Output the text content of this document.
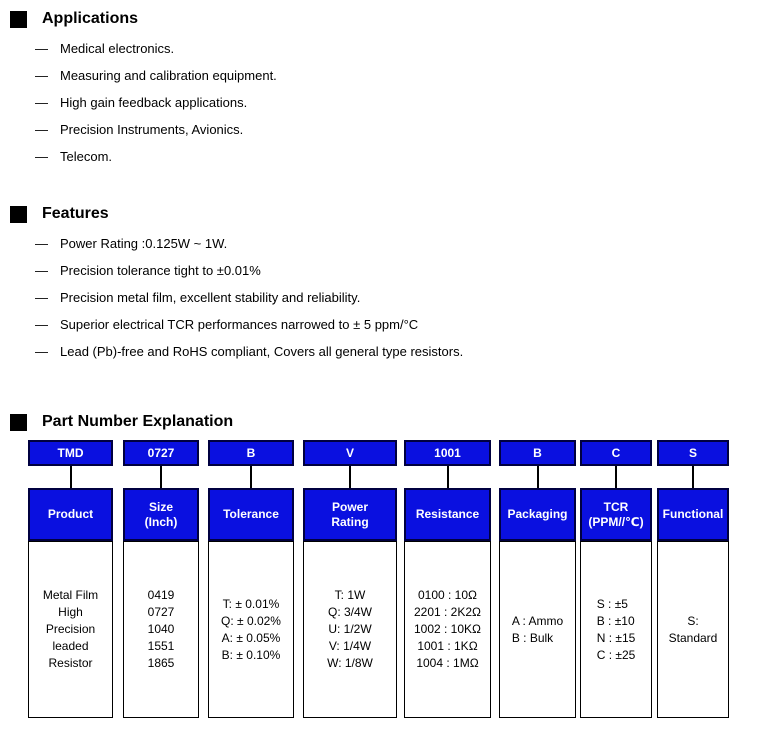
Applications
— Medical electronics.
— Measuring and calibration equipment.
— High gain feedback applications.
— Precision Instruments, Avionics.
— Telecom.
Features
— Power Rating :0.125W ~ 1W.
— Precision tolerance tight to ±0.01%
— Precision metal film, excellent stability and reliability.
— Superior electrical TCR performances narrowed to ± 5 ppm/°C
— Lead (Pb)-free and RoHS compliant, Covers all general type resistors.
Part Number Explanation
TMD
Product
Metal Film
High
Precision
leaded
Resistor
0727
Size
(Inch)
0419
0727
1040
1551
1865
B
Tolerance
T: ± 0.01%
Q: ± 0.02%
A: ± 0.05%
B: ± 0.10%
V
Power
Rating
T: 1W
Q: 3/4W
U: 1/2W
V: 1/4W
W: 1/8W
1001
Resistance
0100 : 10Ω
2201 : 2K2Ω
1002 : 10KΩ
1001 : 1KΩ
1004 : 1MΩ
B
Packaging
A : Ammo
B : Bulk
C
TCR
(PPM//℃)
S : ±5
B : ±10
N : ±15
C : ±25
S
Functional
S:
Standard
